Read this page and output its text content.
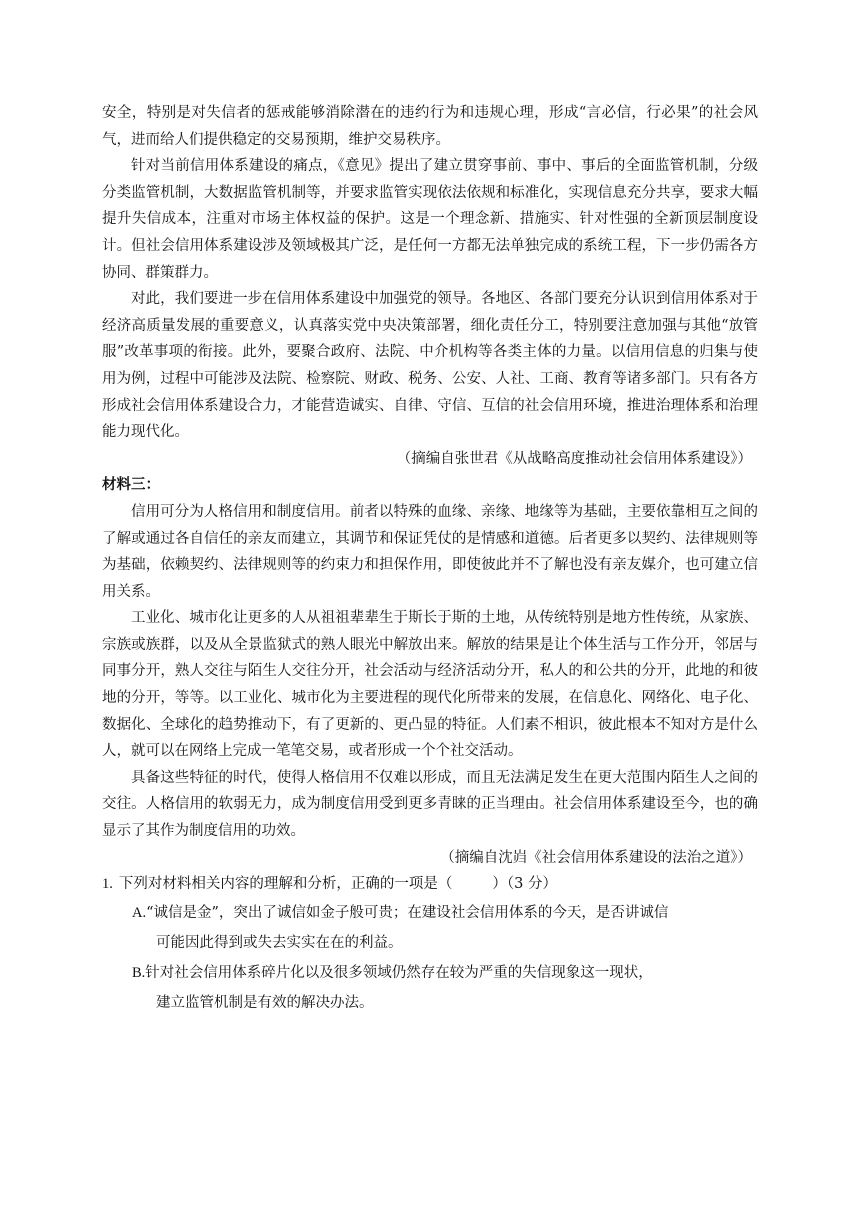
安全，特别是对失信者的惩戒能够消除潜在的违约行为和违规心理，形成“言必信，行必果”的社会风气，进而给人们提供稳定的交易预期，维护交易秩序。

针对当前信用体系建设的痛点，《意见》提出了建立贯穿事前、事中、事后的全面监管机制，分级分类监管机制，大数据监管机制等，并要求监管实现依法依规和标准化，实现信息充分共享，要求大幅提升失信成本，注重对市场主体权益的保护。这是一个理念新、措施实、针对性强的全新顶层制度设计。但社会信用体系建设涉及领域极其广泛，是任何一方都无法单独完成的系统工程，下一步仍需各方协同、群策群力。

对此，我们要进一步在信用体系建设中加强党的领导。各地区、各部门要充分认识到信用体系对于经济高质量发展的重要意义，认真落实党中央决策部署，细化责任分工，特别要注意加强与其他“放管服”改革事项的衔接。此外，要聚合政府、法院、中介机构等各类主体的力量。以信用信息的归集与使用为例，过程中可能涉及法院、检察院、财政、税务、公安、人社、工商、教育等诸多部门。只有各方形成社会信用体系建设合力，才能营造诚实、自律、守信、互信的社会信用环境，推进治理体系和治理能力现代化。

（摘编自张世君《从战略高度推动社会信用体系建设》）

材料三：

信用可分为人格信用和制度信用。前者以特殊的血缘、亲缘、地缘等为基础，主要依靠相互之间的了解或通过各自信任的亲友而建立，其调节和保证凭仗的是情感和道德。后者更多以契约、法律规则等为基础，依赖契约、法律规则等的约束力和担保作用，即使彼此并不了解也没有亲友媒介，也可建立信用关系。

工业化、城市化让更多的人从祖祖辈辈生于斯长于斯的土地，从传统特别是地方性传统，从家族、宗族或族群，以及从全景监狱式的熟人眼光中解放出来。解放的结果是让个体生活与工作分开，邻居与同事分开，熟人交往与陌生人交往分开，社会活动与经济活动分开，私人的和公共的分开，此地的和彼地的分开，等等。以工业化、城市化为主要进程的现代化所带来的发展，在信息化、网络化、电子化、数据化、全球化的趋势推动下，有了更新的、更凸显的特征。人们素不相识，彼此根本不知对方是什么人，就可以在网络上完成一笔笔交易，或者形成一个个社交活动。

具备这些特征的时代，使得人格信用不仅难以形成，而且无法满足发生在更大范围内陌生人之间的交往。人格信用的软弱无力，成为制度信用受到更多青睐的正当理由。社会信用体系建设至今，也的确显示了其作为制度信用的功效。

（摘编自沈岿《社会信用体系建设的法治之道》）

1. 下列对材料相关内容的理解和分析，正确的一项是（	）（3 分）

A.“诚信是金”，突出了诚信如金子般可贵；在建设社会信用体系的今天，是否讲诚信

可能因此得到或失去实实在在的利益。

B.针对社会信用体系碎片化以及很多领域仍然存在较为严重的失信现象这一现状，

建立监管机制是有效的解决办法。
